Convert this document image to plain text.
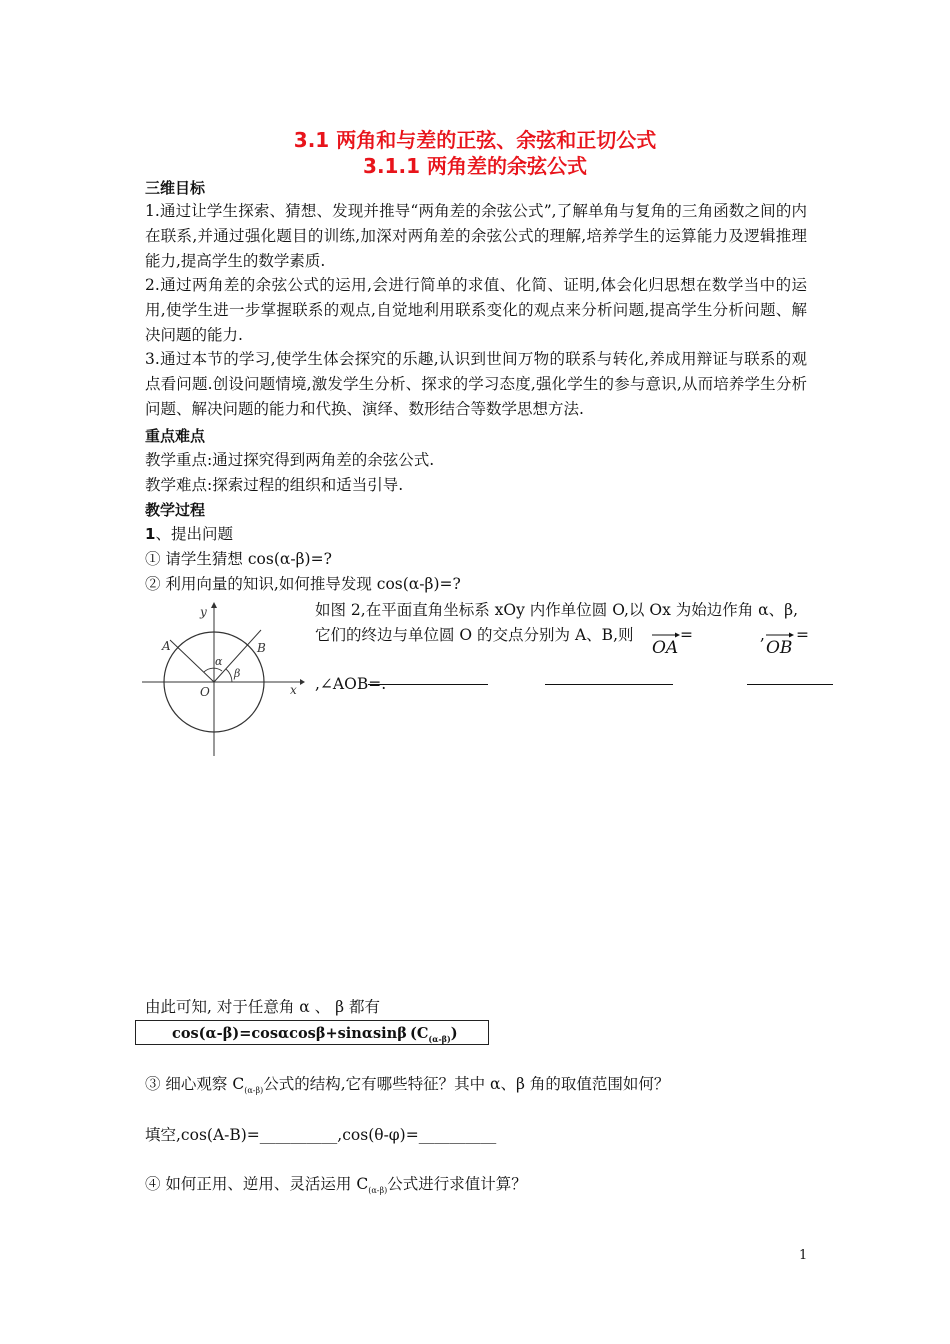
3.1 两角和与差的正弦、余弦和正切公式
3.1.1 两角差的余弦公式
三维目标
1.通过让学生探索、猜想、发现并推导“两角差的余弦公式”,了解单角与复角的三角函数之间的内在联系,并通过强化题目的训练,加深对两角差的余弦公式的理解,培养学生的运算能力及逻辑推理能力,提高学生的数学素质.
2.通过两角差的余弦公式的运用,会进行简单的求值、化简、证明,体会化归思想在数学当中的运用,使学生进一步掌握联系的观点,自觉地利用联系变化的观点来分析问题,提高学生分析问题、解决问题的能力.
3.通过本节的学习,使学生体会探究的乐趣,认识到世间万物的联系与转化,养成用辩证与联系的观点看问题.创设问题情境,激发学生分析、探求的学习态度,强化学生的参与意识,从而培养学生分析问题、解决问题的能力和代换、演绎、数形结合等数学思想方法.
重点难点
教学重点:通过探究得到两角差的余弦公式.
教学难点:探索过程的组织和适当引导.
教学过程
1、提出问题
① 请学生猜想 cos(α-β)=?
② 利用向量的知识,如何推导发现 cos(α-β)=?
y
x
O
A	B
α
β
如图 2,在平面直角坐标系 xOy 内作单位圆 O,以 Ox 为始边作角 α、β,
它们的终边与单位圆 O 的交点分别为 A、B,则
OA
=	,
OB
=
,∠AOB=.
由此可知, 对于任意角 α 、 β 都有
cos(α-β)=cosαcosβ+sinαsinβ $(C_{(\alpha-\beta)})$
③ 细心观察 $C_{(\alpha-\beta)}$公式的结构,它有哪些特征？其中 α、β 角的取值范围如何？
填空,cos(A-B)=__________,cos(θ-φ)=__________
④ 如何正用、逆用、灵活运用 $C_{(\alpha-\beta)}$公式进行求值计算？
1
